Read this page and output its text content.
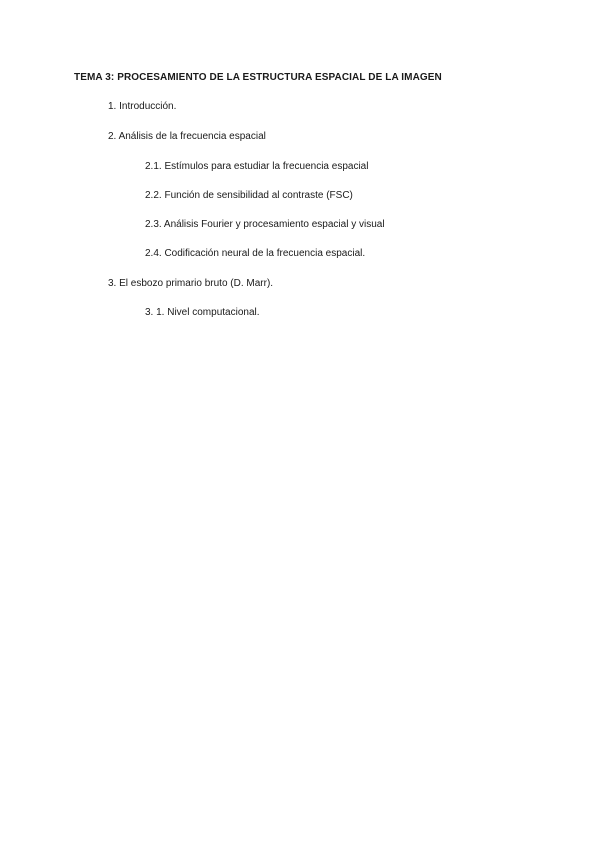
TEMA 3: PROCESAMIENTO DE LA ESTRUCTURA ESPACIAL DE LA IMAGEN

1. Introducción.

2. Análisis de la frecuencia espacial

2.1. Estímulos para estudiar la frecuencia espacial

2.2. Función de sensibilidad al contraste (FSC)

2.3. Análisis Fourier y procesamiento espacial y visual

2.4. Codificación neural de la frecuencia espacial.

3. El esbozo primario bruto (D. Marr).

3. 1. Nivel computacional.
